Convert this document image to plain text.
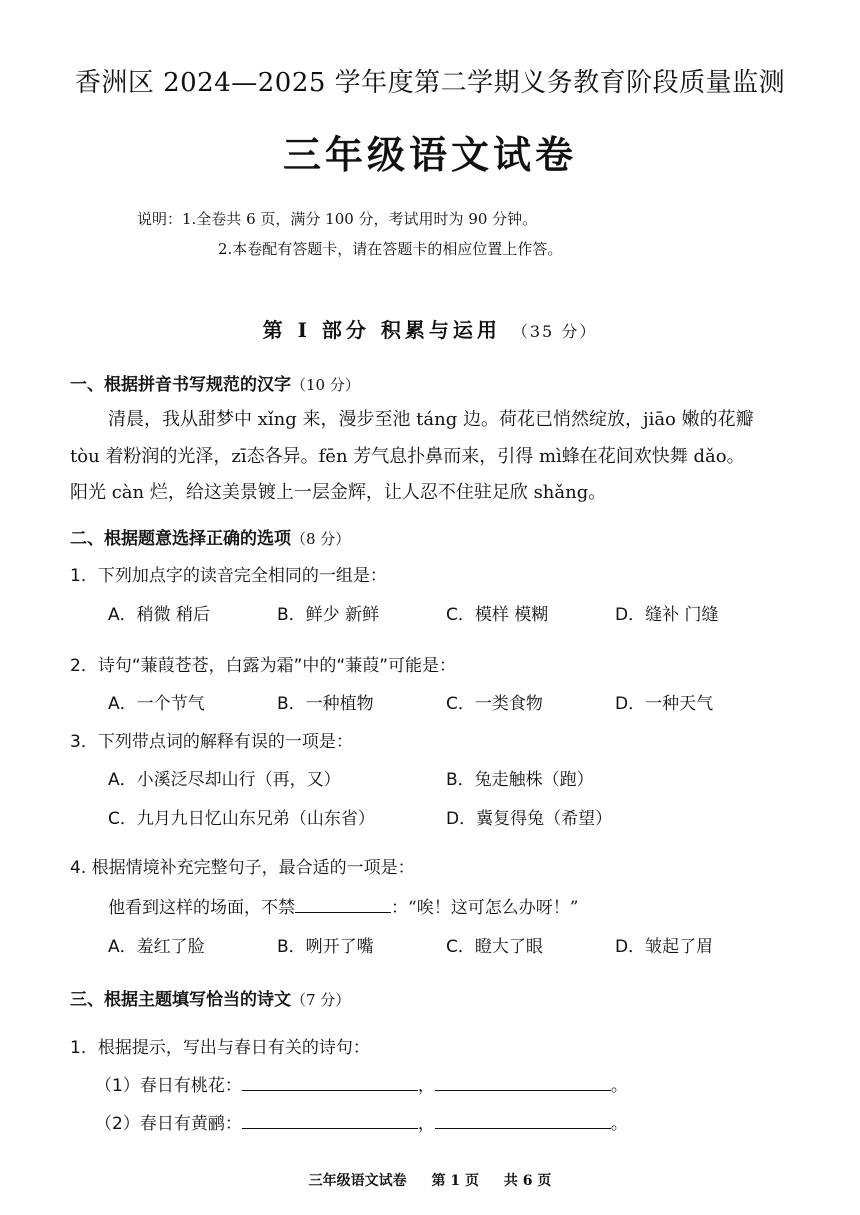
香洲区 2024—2025 学年度第二学期义务教育阶段质量监测
三年级语文试卷
说明：1.全卷共 6 页，满分 100 分，考试用时为 90 分钟。
2.本卷配有答题卡，请在答题卡的相应位置上作答。
第 Ⅰ 部分 积累与运用 （35 分）
一、根据拼音书写规范的汉字（10 分）
清晨，我从甜梦中 xǐng 来，漫步至池 táng 边。荷花已悄然绽放，jiāo 嫩的花瓣
tòu 着粉润的光泽，zī态各异。fēn 芳气息扑鼻而来，引得 mì蜂在花间欢快舞 dǎo。
阳光 càn 烂，给这美景镀上一层金辉，让人忍不住驻足欣 shǎng。
二、根据题意选择正确的选项（8 分）
1．下列加点字的读音完全相同的一组是：
A．稍微 稍后	B．鲜少 新鲜	C．模样 模糊	D．缝补 门缝
2．诗句“蒹葭苍苍，白露为霜”中的“蒹葭”可能是：
A．一个节气	B．一种植物	C．一类食物	D．一种天气
3．下列带点词的解释有误的一项是：
A．小溪泛尽却山行（再，又）	B．兔走触株（跑）
C．九月九日忆山东兄弟（山东省）	D．冀复得兔（希望）
4. 根据情境补充完整句子，最合适的一项是：
他看到这样的场面，不禁	：“唉！这可怎么办呀！”
A．羞红了脸	B．咧开了嘴	C．瞪大了眼	D．皱起了眉
三、根据主题填写恰当的诗文（7 分）
1．根据提示，写出与春日有关的诗句：
（1）春日有桃花：	，	。
（2）春日有黄鹂：	，	。
三年级语文试卷 第 1 页 共 6 页
